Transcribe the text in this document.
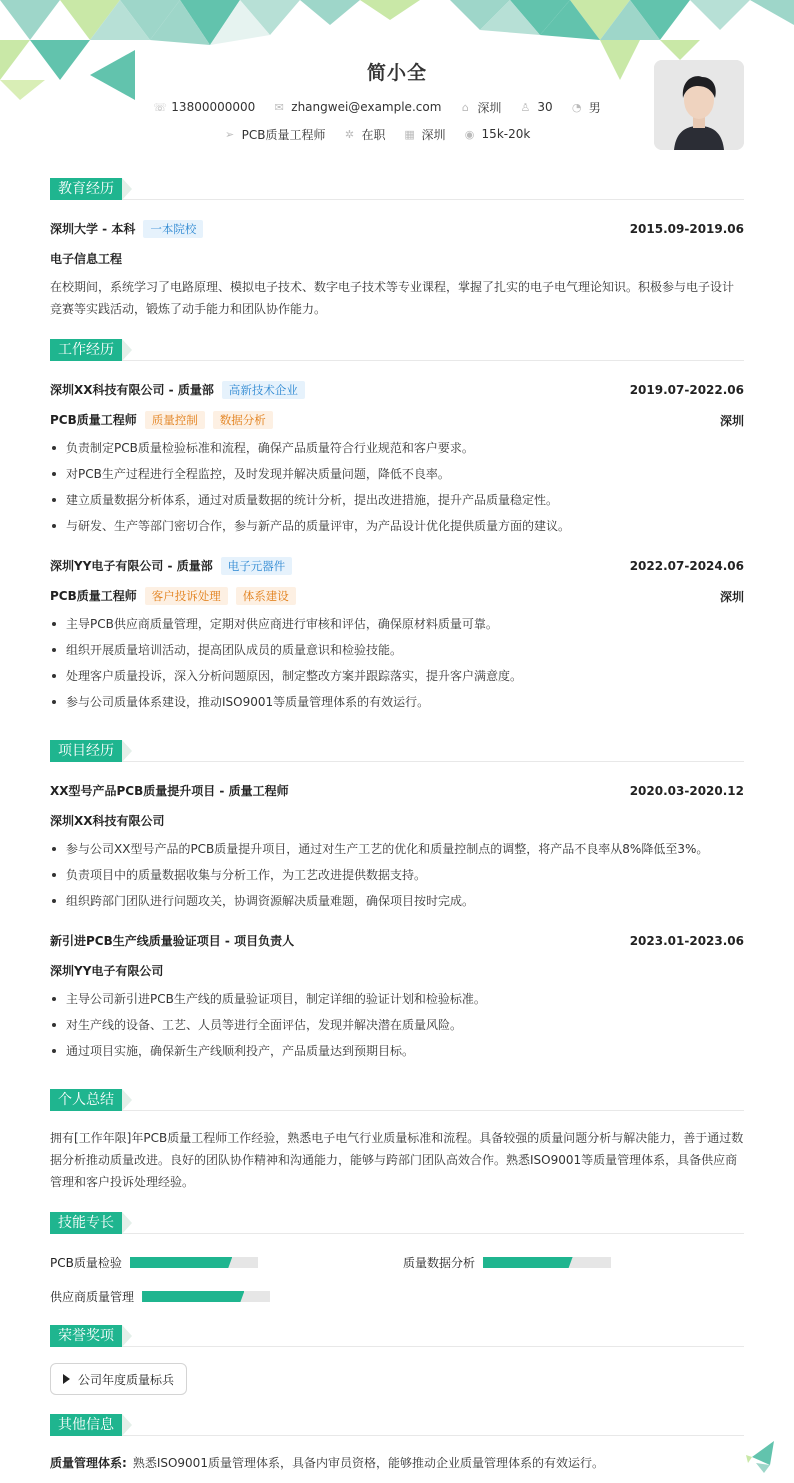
简小全
☏ 13800000000 ✉ zhangwei@example.com ⌂ 深圳 ♙ 30 ◔ 男
➢ PCB质量工程师 ✲ 在职 ▦ 深圳 ◉ 15k-20k
教育经历
深圳大学 - 本科 一本院校	2015.09-2019.06
电子信息工程
在校期间，系统学习了电路原理、模拟电子技术、数字电子技术等专业课程，掌握了扎实的电子电气理论知识。积极参与电子设计竞赛等实践活动，锻炼了动手能力和团队协作能力。
工作经历
深圳XX科技有限公司 - 质量部 高新技术企业	2019.07-2022.06
PCB质量工程师 质量控制 数据分析	深圳
负责制定PCB质量检验标准和流程，确保产品质量符合行业规范和客户要求。
对PCB生产过程进行全程监控，及时发现并解决质量问题，降低不良率。
建立质量数据分析体系，通过对质量数据的统计分析，提出改进措施，提升产品质量稳定性。
与研发、生产等部门密切合作，参与新产品的质量评审，为产品设计优化提供质量方面的建议。
深圳YY电子有限公司 - 质量部 电子元器件	2022.07-2024.06
PCB质量工程师 客户投诉处理 体系建设	深圳
主导PCB供应商质量管理，定期对供应商进行审核和评估，确保原材料质量可靠。
组织开展质量培训活动，提高团队成员的质量意识和检验技能。
处理客户质量投诉，深入分析问题原因，制定整改方案并跟踪落实，提升客户满意度。
参与公司质量体系建设，推动ISO9001等质量管理体系的有效运行。
项目经历
XX型号产品PCB质量提升项目 - 质量工程师	2020.03-2020.12
深圳XX科技有限公司
参与公司XX型号产品的PCB质量提升项目，通过对生产工艺的优化和质量控制点的调整，将产品不良率从8%降低至3%。
负责项目中的质量数据收集与分析工作，为工艺改进提供数据支持。
组织跨部门团队进行问题攻关，协调资源解决质量难题，确保项目按时完成。
新引进PCB生产线质量验证项目 - 项目负责人	2023.01-2023.06
深圳YY电子有限公司
主导公司新引进PCB生产线的质量验证项目，制定详细的验证计划和检验标准。
对生产线的设备、工艺、人员等进行全面评估，发现并解决潜在质量风险。
通过项目实施，确保新生产线顺利投产，产品质量达到预期目标。
个人总结
拥有[工作年限]年PCB质量工程师工作经验，熟悉电子电气行业质量标准和流程。具备较强的质量问题分析与解决能力，善于通过数据分析推动质量改进。良好的团队协作精神和沟通能力，能够与跨部门团队高效合作。熟悉ISO9001等质量管理体系，具备供应商管理和客户投诉处理经验。
技能专长
PCB质量检验	质量数据分析
供应商质量管理
荣誉奖项
公司年度质量标兵
其他信息
质量管理体系: 熟悉ISO9001质量管理体系，具备内审员资格，能够推动企业质量管理体系的有效运行。
